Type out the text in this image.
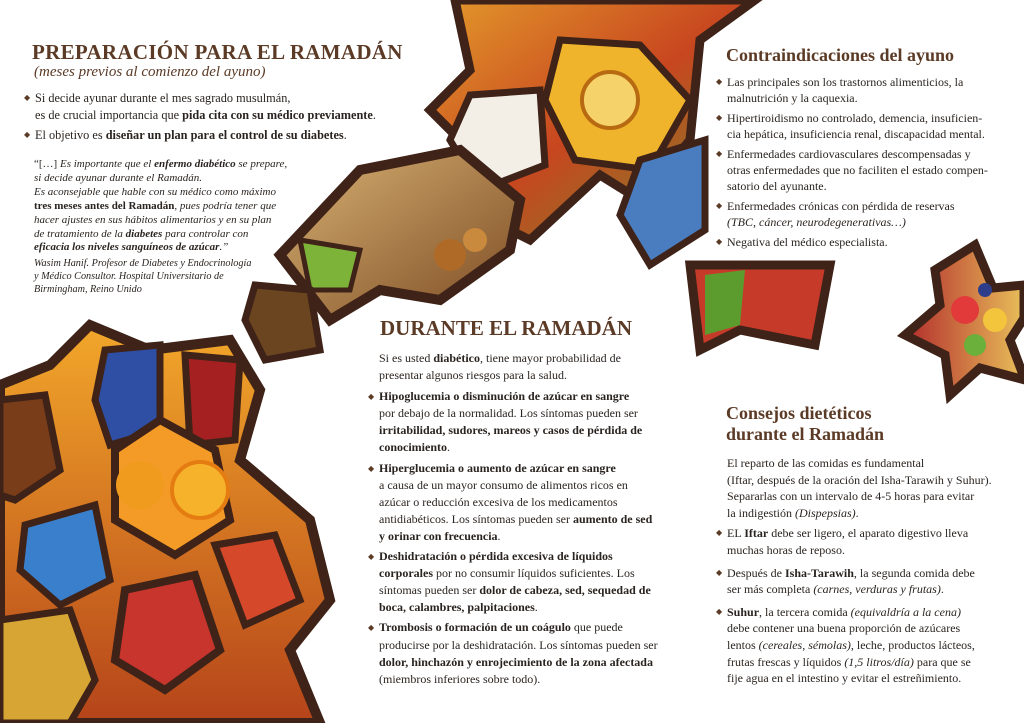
PREPARACIÓN PARA EL RAMADÁN
(meses previos al comienzo del ayuno)
◆ Si decide ayunar durante el mes sagrado musulmán,
es de crucial importancia que pida cita con su médico previamente.
◆ El objetivo es diseñar un plan para el control de su diabetes.
“[…] Es importante que el enfermo diabético se prepare,
si decide ayunar durante el Ramadán.
Es aconsejable que hable con su médico como máximo
tres meses antes del Ramadán, pues podría tener que
hacer ajustes en sus hábitos alimentarios y en su plan
de tratamiento de la diabetes para controlar con
eficacia los niveles sanguíneos de azúcar.”
Wasim Hanif. Profesor de Diabetes y Endocrinología
y Médico Consultor. Hospital Universitario de
Birmingham, Reino Unido
Contraindicaciones del ayuno
◆ Las principales son los trastornos alimenticios, la
malnutrición y la caquexia.
◆ Hipertiroidismo no controlado, demencia, insuficien-
cia hepática, insuficiencia renal, discapacidad mental.
◆ Enfermedades cardiovasculares descompensadas y
otras enfermedades que no faciliten el estado compen-
satorio del ayunante.
◆ Enfermedades crónicas con pérdida de reservas
(TBC, cáncer, neurodegenerativas…)
◆ Negativa del médico especialista.
DURANTE EL RAMADÁN
Si es usted diabético, tiene mayor probabilidad de
presentar algunos riesgos para la salud.
◆ Hipoglucemia o disminución de azúcar en sangre
por debajo de la normalidad. Los síntomas pueden ser
irritabilidad, sudores, mareos y casos de pérdida de
conocimiento.
◆ Hiperglucemia o aumento de azúcar en sangre
a causa de un mayor consumo de alimentos ricos en
azúcar o reducción excesiva de los medicamentos
antidiabéticos. Los síntomas pueden ser aumento de sed
y orinar con frecuencia.
◆ Deshidratación o pérdida excesiva de líquidos
corporales por no consumir líquidos suficientes. Los
síntomas pueden ser dolor de cabeza, sed, sequedad de
boca, calambres, palpitaciones.
◆ Trombosis o formación de un coágulo que puede
producirse por la deshidratación. Los síntomas pueden ser
dolor, hinchazón y enrojecimiento de la zona afectada
(miembros inferiores sobre todo).
Consejos dietéticos
durante el Ramadán
El reparto de las comidas es fundamental
(Iftar, después de la oración del Isha-Tarawih y Suhur).
Separarlas con un intervalo de 4-5 horas para evitar
la indigestión (Dispepsias).
◆ EL Iftar debe ser ligero, el aparato digestivo lleva
muchas horas de reposo.
◆ Después de Isha-Tarawih, la segunda comida debe
ser más completa (carnes, verduras y frutas).
◆ Suhur, la tercera comida (equivaldría a la cena)
debe contener una buena proporción de azúcares
lentos (cereales, sémolas), leche, productos lácteos,
frutas frescas y líquidos (1,5 litros/día) para que se
fije agua en el intestino y evitar el estreñimiento.
